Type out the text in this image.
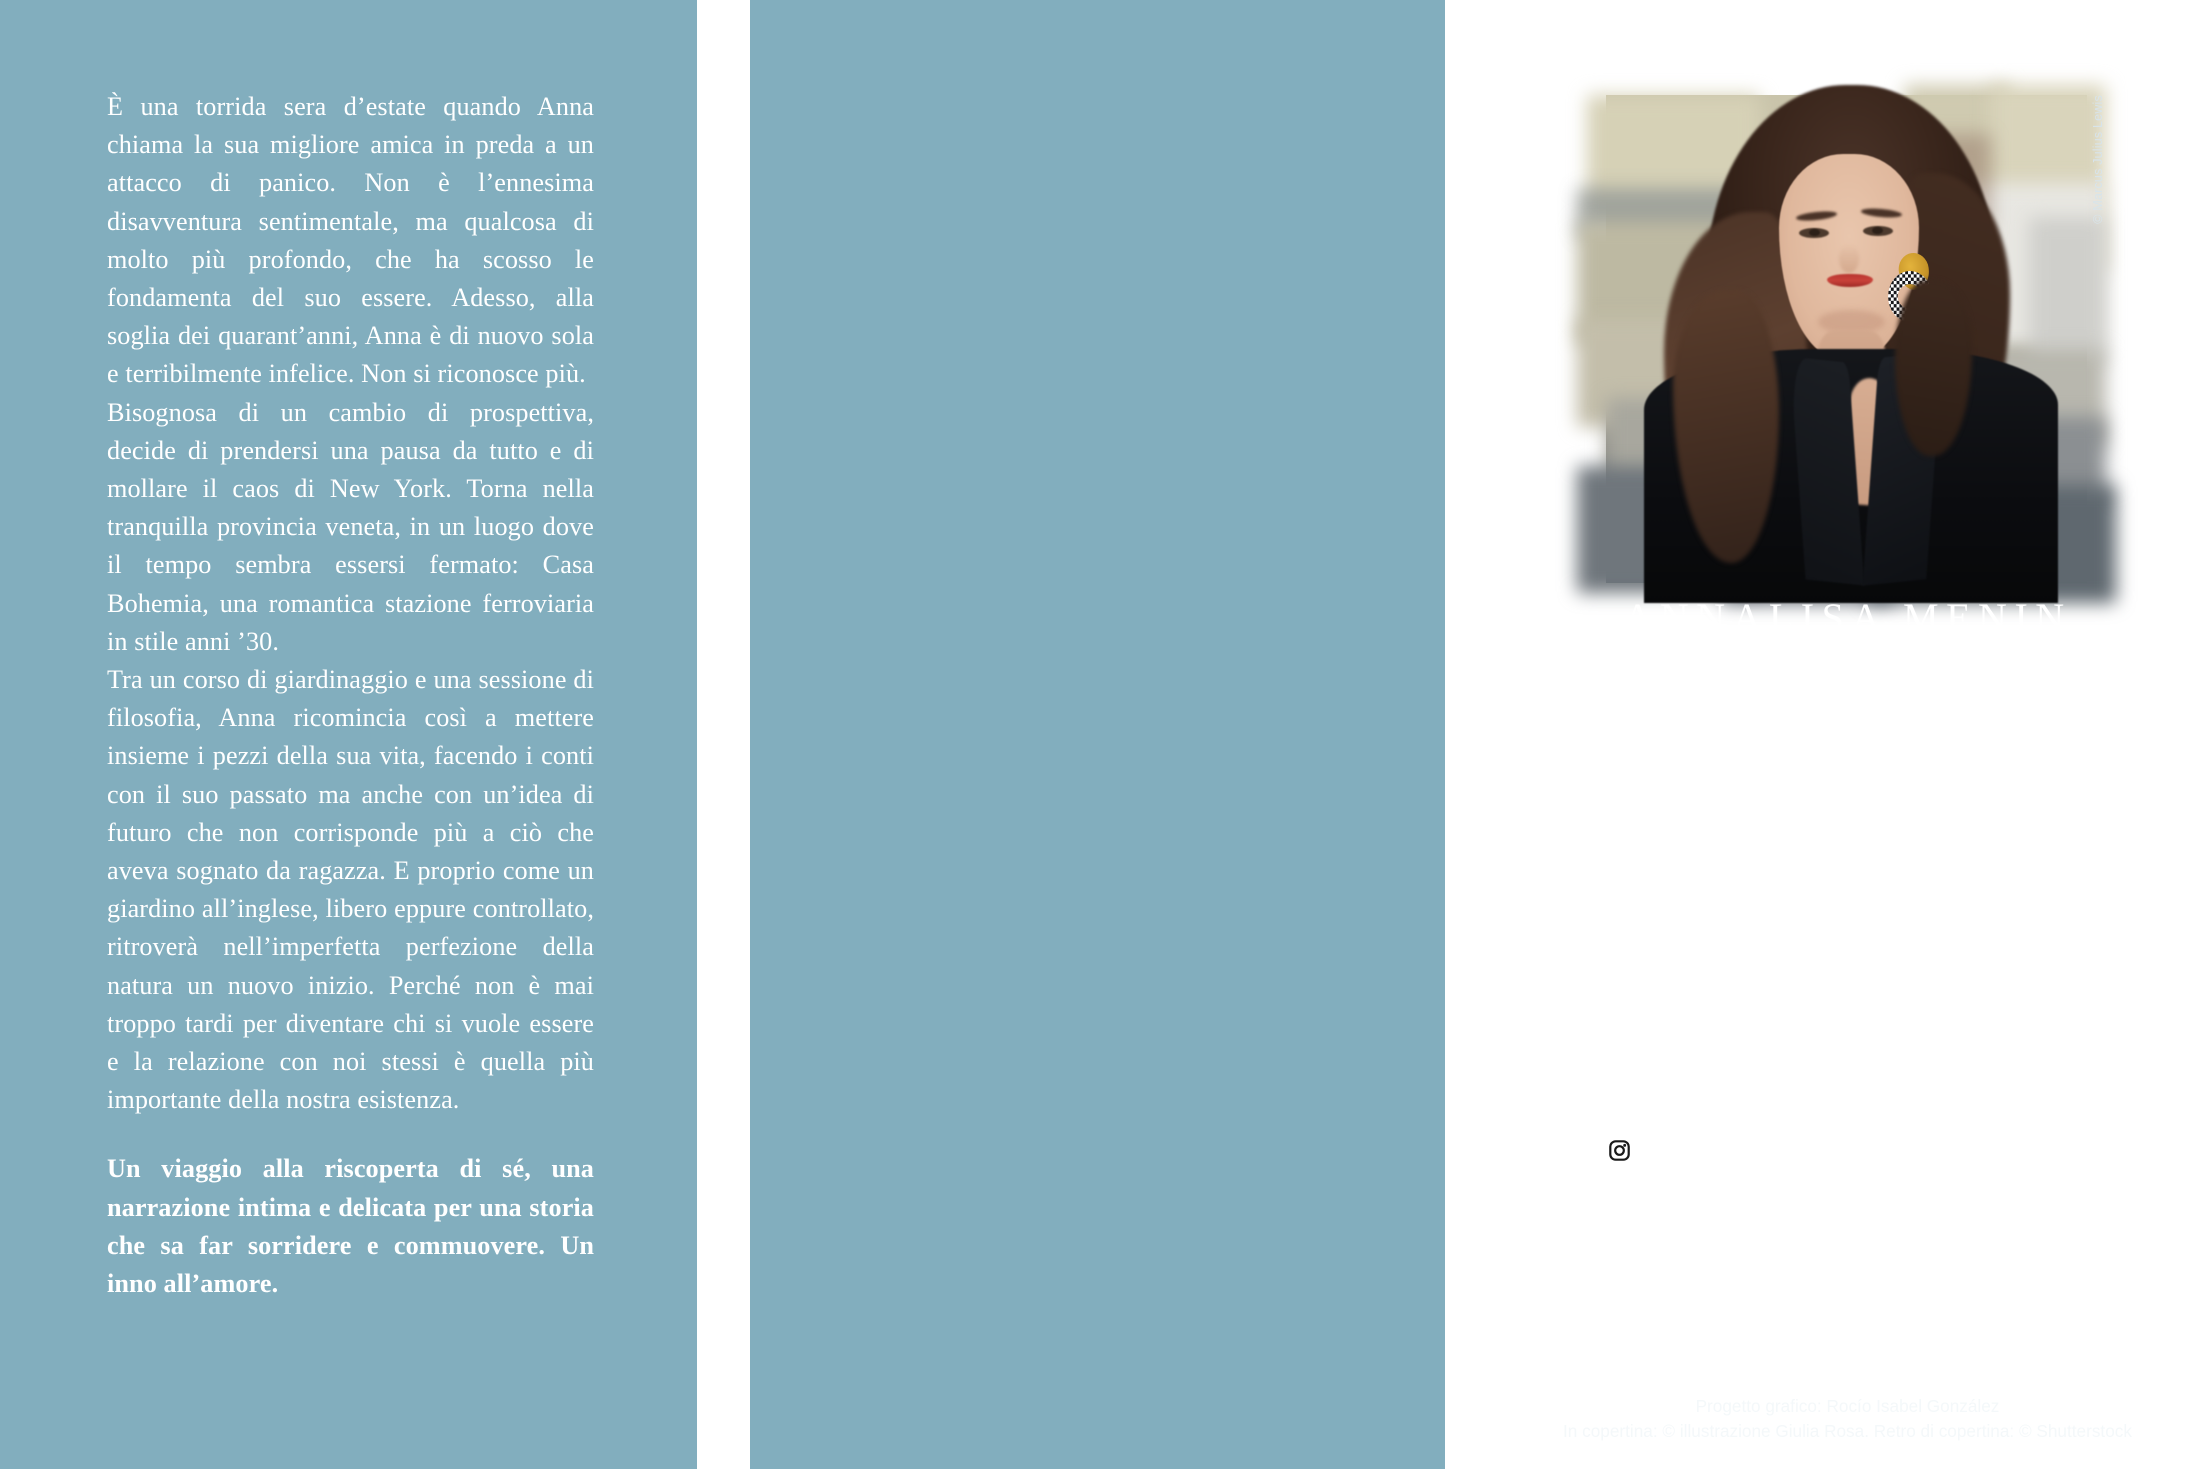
È una torrida sera d’estate quando Anna chiama la sua migliore amica in preda a un attacco di panico. Non è l’ennesima disavventura sentimentale, ma qualcosa di molto più profondo, che ha scosso le fondamenta del suo essere. Adesso, alla soglia dei quarant’anni, Anna è di nuovo sola e terribilmente infelice. Non si riconosce più.

Bisognosa di un cambio di prospettiva, decide di prendersi una pausa da tutto e di mollare il caos di New York. Torna nella tranquilla provincia veneta, in un luogo dove il tempo sembra essersi fermato: Casa Bohemia, una romantica stazione ferroviaria in stile anni ’30.

Tra un corso di giardinaggio e una sessione di filosofia, Anna ricomincia così a mettere insieme i pezzi della sua vita, facendo i conti con il suo passato ma anche con un’idea di futuro che non corrisponde più a ciò che aveva sognato da ragazza. E proprio come un giardino all’inglese, libero eppure controllato, ritroverà nell’imperfetta perfezione della natura un nuovo inizio. Perché non è mai troppo tardi per diventare chi si vuole essere e la relazione con noi stessi è quella più importante della nostra esistenza.

Un viaggio alla riscoperta di sé, una narrazione intima e delicata per una storia che sa far sorridere e commuovere. Un inno all’amore.

© Marcus Julius Lewis
ANNALISA MENIN

è una scrittrice e imprenditrice esperta di Branding e Comunicazione. Veneziana di nascita, naturalizzata americana, si divide tra New York e l’Europa dal 2006. L’Anna che verrà è il volume conclusivo di un’ideale trilogia iniziata con il volume autopubblicato Il mio ultimo anno a New York (2017) e proseguita con Il Traghettatore (Giunti 2021).

Grazie all’iniziativa benefica “Remembering Marco”, supporta giovani studenti italiani in procinto di vivere il Sogno Americano.

annalisameninreal
www.giunti.it
Disponibile anche in versione ebook
Progetto grafico: Rocío Isabel González
In copertina: © illustrazione Giulia Rosa. Retro di copertina: © Shutterstock
